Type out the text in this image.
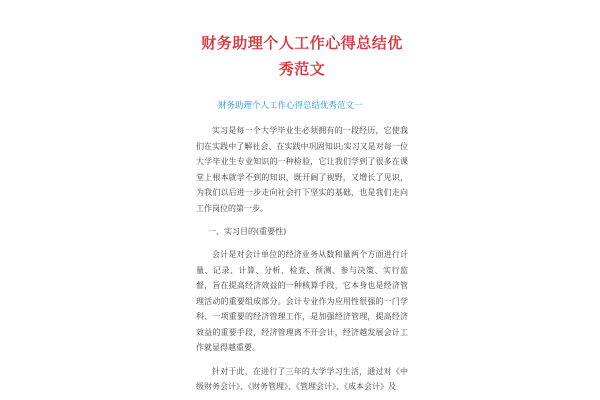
财务助理个人工作心得总结优秀范文
财务助理个人工作心得总结优秀范文一

实习是每一个大学毕业生必须拥有的一段经历，它使我们在实践中了解社会、在实践中巩固知识;实习又是对每一位大学毕业生专业知识的一种检验，它让我们学到了很多在课堂上根本就学不到的知识，既开阔了视野，又增长了见识，为我们以后进一步走向社会打下坚实的基础，也是我们走向工作岗位的第一步。

一、实习目的(重要性)

会计是对会计单位的经济业务从数和量两个方面进行计量、记录、计算、分析、检查、预测、参与决策、实行监督，旨在提高经济效益的一种核算手段，它本身也是经济管理活动的重要组成部分。会计专业作为应用性很强的一门学科、一项重要的经济管理工作，是加强经济管理，提高经济效益的重要手段，经济管理离不开会计，经济越发展会计工作就显得越重要。

针对于此，在进行了三年的大学学习生活，通过对《中级财务会计》、《财务管理》、《管理会计》、《成本会计》及
